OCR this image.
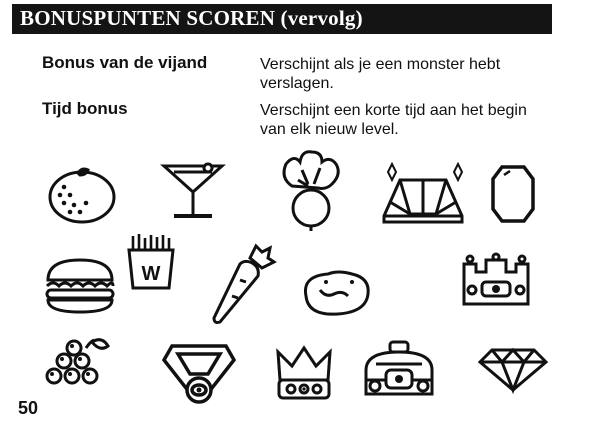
BONUSPUNTEN SCOREN (vervolg)
Bonus van de vijand	Verschijnt als je een monster hebt verslagen.
Tijd bonus	Verschijnt een korte tijd aan het begin van elk nieuw level.
W
50
